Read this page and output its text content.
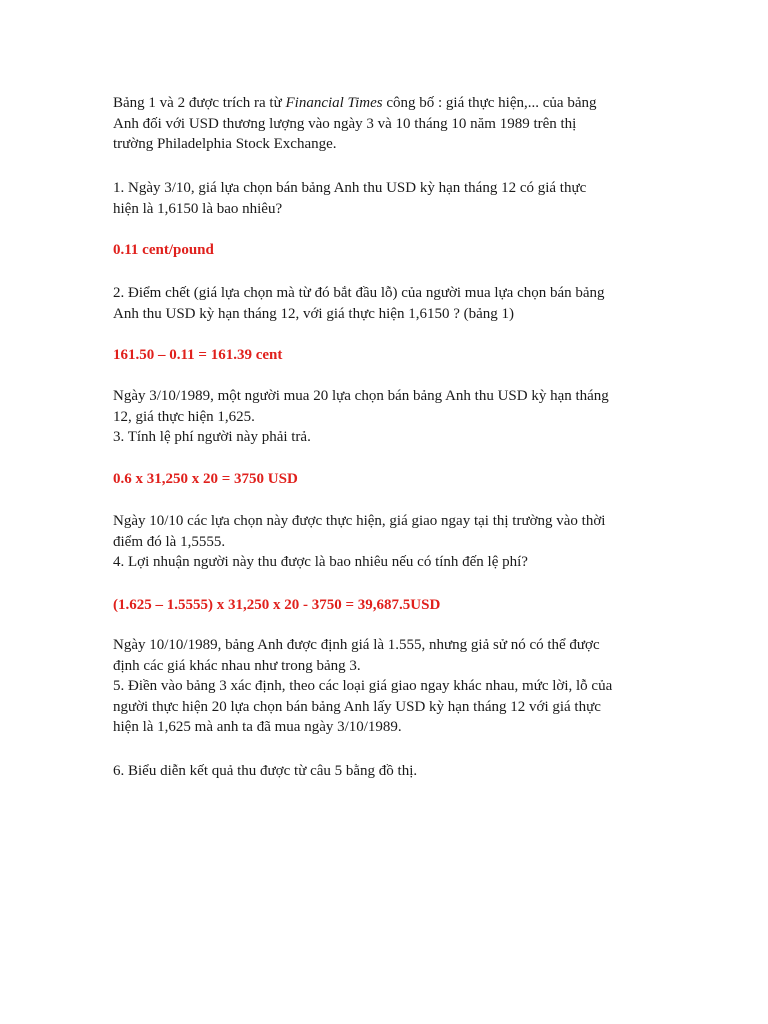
Bảng 1 và 2 được trích ra từ Financial Times công bố : giá thực hiện,... của bảng
Anh đối với USD thương lượng vào ngày 3 và 10 tháng 10 năm 1989 trên thị
trường Philadelphia Stock Exchange.
1. Ngày 3/10, giá lựa chọn bán bảng Anh thu USD kỳ hạn tháng 12 có giá thực
hiện là 1,6150 là bao nhiêu?
0.11 cent/pound
2. Điểm chết (giá lựa chọn mà từ đó bắt đầu lỗ) của người mua lựa chọn bán bảng
Anh thu USD kỳ hạn tháng 12, với giá thực hiện 1,6150 ? (bảng 1)
161.50 – 0.11 = 161.39 cent
Ngày 3/10/1989, một người mua 20 lựa chọn bán bảng Anh thu USD kỳ hạn tháng
12, giá thực hiện 1,625.
3. Tính lệ phí người này phải trả.
0.6 x 31,250 x 20 = 3750 USD
Ngày 10/10 các lựa chọn này được thực hiện, giá giao ngay tại thị trường vào thời
điểm đó là 1,5555.
4. Lợi nhuận người này thu được là bao nhiêu nếu có tính đến lệ phí?
(1.625 – 1.5555) x 31,250 x 20 - 3750 = 39,687.5USD
Ngày 10/10/1989, bảng Anh được định giá là 1.555, nhưng giả sử nó có thể được
định các giá khác nhau như trong bảng 3.
5. Điền vào bảng 3 xác định, theo các loại giá giao ngay khác nhau, mức lời, lỗ của
người thực hiện 20 lựa chọn bán bảng Anh lấy USD kỳ hạn tháng 12 với giá thực
hiện là 1,625 mà anh ta đã mua ngày 3/10/1989.
6. Biểu diễn kết quả thu được từ câu 5 bằng đồ thị.
